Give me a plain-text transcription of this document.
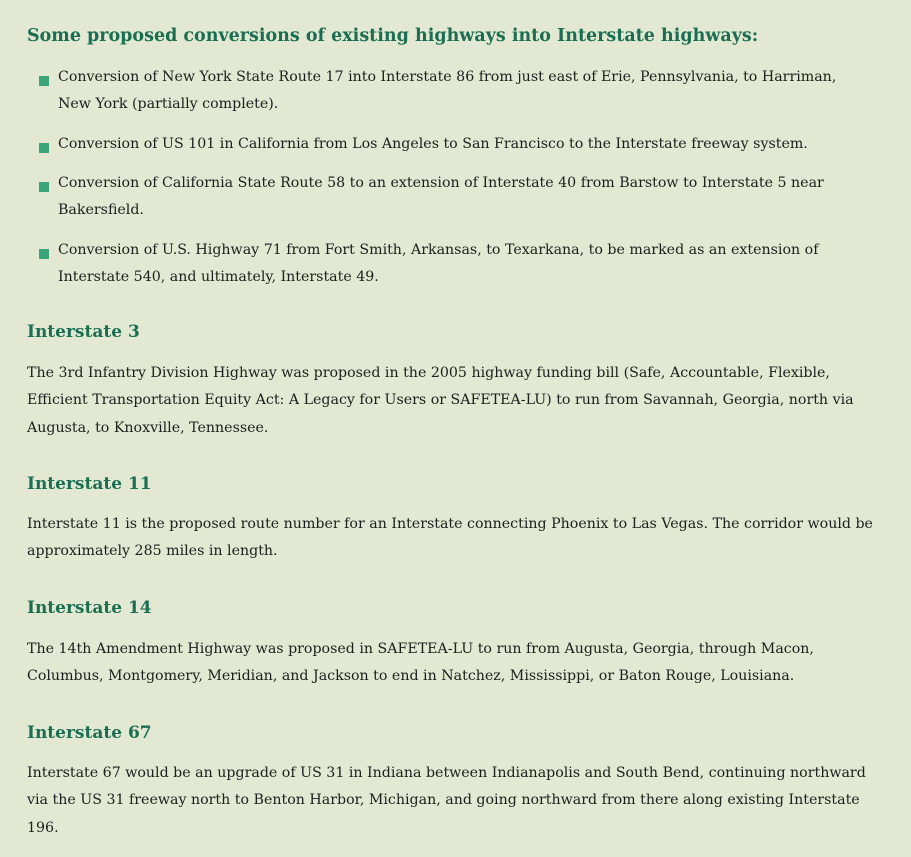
Some proposed conversions of existing highways into Interstate highways:
Conversion of New York State Route 17 into Interstate 86 from just east of Erie, Pennsylvania, to Harriman, New York (partially complete).
Conversion of US 101 in California from Los Angeles to San Francisco to the Interstate freeway system.
Conversion of California State Route 58 to an extension of Interstate 40 from Barstow to Interstate 5 near Bakersfield.
Conversion of U.S. Highway 71 from Fort Smith, Arkansas, to Texarkana, to be marked as an extension of Interstate 540, and ultimately, Interstate 49.
Interstate 3

The 3rd Infantry Division Highway was proposed in the 2005 highway funding bill (Safe, Accountable, Flexible, Efficient Transportation Equity Act: A Legacy for Users or SAFETEA-LU) to run from Savannah, Georgia, north via Augusta, to Knoxville, Tennessee.

Interstate 11

Interstate 11 is the proposed route number for an Interstate connecting Phoenix to Las Vegas. The corridor would be approximately 285 miles in length.

Interstate 14

The 14th Amendment Highway was proposed in SAFETEA-LU to run from Augusta, Georgia, through Macon, Columbus, Montgomery, Meridian, and Jackson to end in Natchez, Mississippi, or Baton Rouge, Louisiana.

Interstate 67

Interstate 67 would be an upgrade of US 31 in Indiana between Indianapolis and South Bend, continuing northward via the US 31 freeway north to Benton Harbor, Michigan, and going northward from there along existing Interstate 196.
